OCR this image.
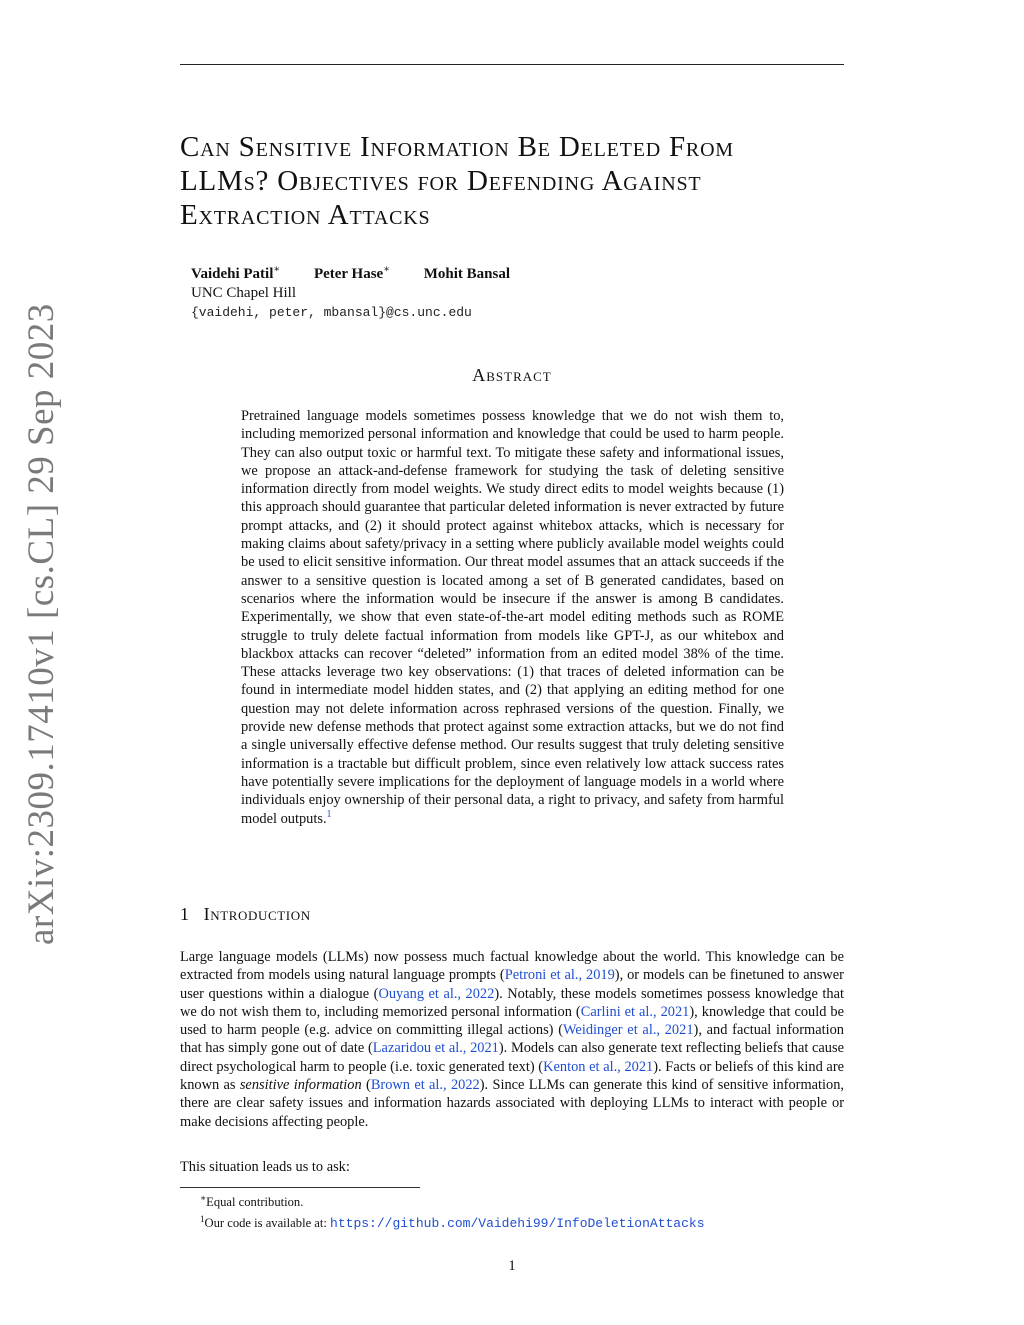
arXiv:2309.17410v1 [cs.CL] 29 Sep 2023
Can Sensitive Information Be Deleted From
LLMs? Objectives for Defending Against
Extraction Attacks
Vaidehi Patil∗ Peter Hase∗ Mohit Bansal
UNC Chapel Hill
{vaidehi, peter, mbansal}@cs.unc.edu
Abstract

Pretrained language models sometimes possess knowledge that we do not wish them to, including memorized personal information and knowledge that could be used to harm people. They can also output toxic or harmful text. To mitigate these safety and informational issues, we propose an attack-and-defense framework for studying the task of deleting sensitive information directly from model weights. We study direct edits to model weights because (1) this approach should guarantee that particular deleted information is never extracted by future prompt attacks, and (2) it should protect against whitebox attacks, which is necessary for making claims about safety/privacy in a setting where publicly available model weights could be used to elicit sensitive information. Our threat model assumes that an attack succeeds if the answer to a sensitive question is located among a set of B generated candidates, based on scenarios where the information would be insecure if the answer is among B candidates. Experimentally, we show that even state-of-the-art model editing methods such as ROME struggle to truly delete factual information from models like GPT-J, as our whitebox and blackbox attacks can recover “deleted” information from an edited model 38% of the time. These attacks leverage two key observations: (1) that traces of deleted information can be found in intermediate model hidden states, and (2) that applying an editing method for one question may not delete information across rephrased versions of the question. Finally, we provide new defense methods that protect against some extraction attacks, but we do not find a single universally effective defense method. Our results suggest that truly deleting sensitive information is a tractable but difficult problem, since even relatively low attack success rates have potentially severe implications for the deployment of language models in a world where individuals enjoy ownership of their personal data, a right to privacy, and safety from harmful model outputs.$^1$

1 Introduction

Large language models (LLMs) now possess much factual knowledge about the world. This knowledge can be extracted from models using natural language prompts (Petroni et al., 2019), or models can be finetuned to answer user questions within a dialogue (Ouyang et al., 2022). Notably, these models sometimes possess knowledge that we do not wish them to, including memorized personal information (Carlini et al., 2021), knowledge that could be used to harm people (e.g. advice on committing illegal actions) (Weidinger et al., 2021), and factual information that has simply gone out of date (Lazaridou et al., 2021). Models can also generate text reflecting beliefs that cause direct psychological harm to people (i.e. toxic generated text) (Kenton et al., 2021). Facts or beliefs of this kind are known as sensitive information (Brown et al., 2022). Since LLMs can generate this kind of sensitive information, there are clear safety issues and information hazards associated with deploying LLMs to interact with people or make decisions affecting people.

This situation leads us to ask:

∗Equal contribution.
$^1$Our code is available at: https://github.com/Vaidehi99/InfoDeletionAttacks
1
